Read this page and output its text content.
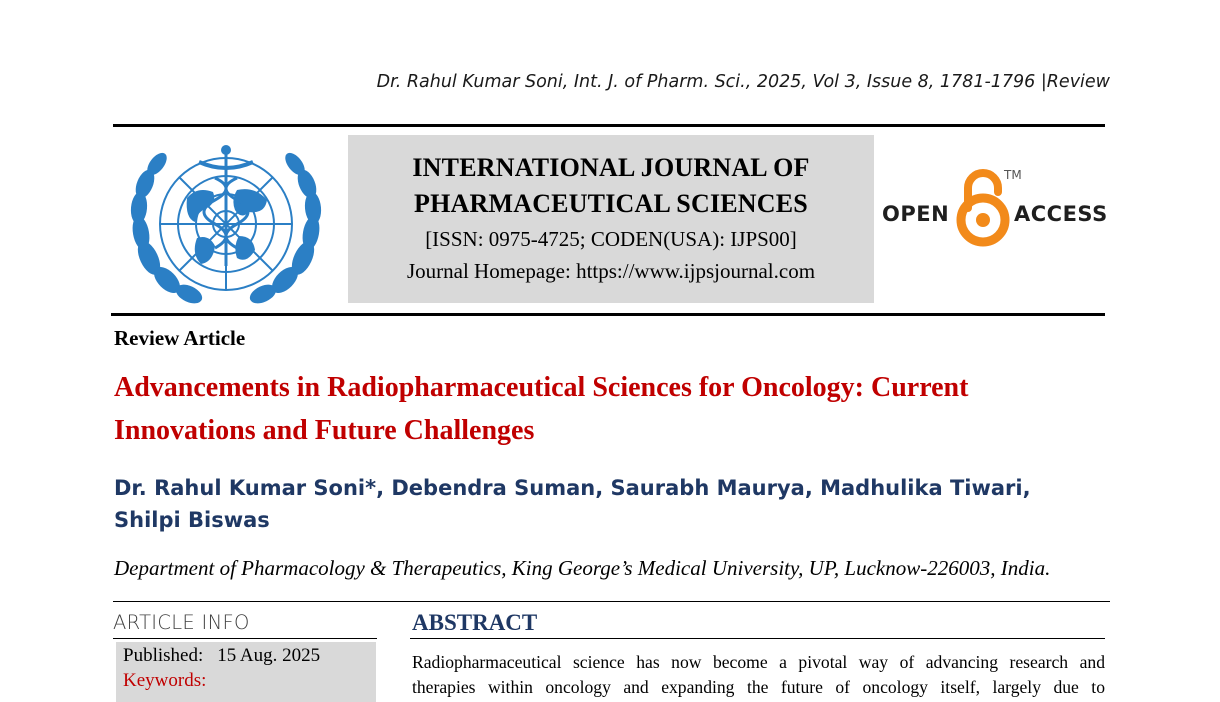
Dr. Rahul Kumar Soni, Int. J. of Pharm. Sci., 2025, Vol 3, Issue 8, 1781-1796 |Review
INTERNATIONAL JOURNAL OF
PHARMACEUTICAL SCIENCES
[ISSN: 0975-4725; CODEN(USA): IJPS00]
Journal Homepage: https://www.ijpsjournal.com
OPEN
TM
ACCESS
Review Article
Advancements in Radiopharmaceutical Sciences for Oncology: Current Innovations and Future Challenges
Dr. Rahul Kumar Soni*, Debendra Suman, Saurabh Maurya, Madhulika Tiwari,
Shilpi Biswas
Department of Pharmacology & Therapeutics, King George’s Medical University, UP, Lucknow-226003, India.
ARTICLE INFO
Published: 15 Aug. 2025
Keywords:
ABSTRACT
Radiopharmaceutical science has now become a pivotal way of advancing research and
therapies within oncology and expanding the future of oncology itself, largely due to
